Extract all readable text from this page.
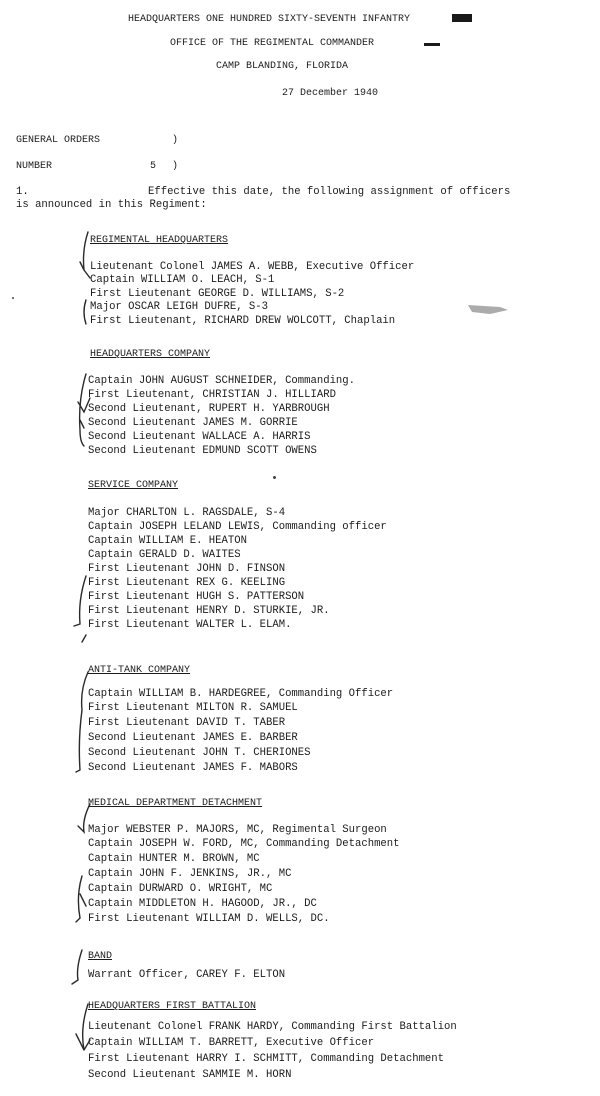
HEADQUARTERS ONE HUNDRED SIXTY-SEVENTH INFANTRY
OFFICE OF THE REGIMENTAL COMMANDER
CAMP BLANDING, FLORIDA
27 December 1940
GENERAL ORDERS	)
NUMBER	5 )
1.	Effective this date, the following assignment of officers
is announced in this Regiment:
REGIMENTAL HEADQUARTERS
Lieutenant Colonel JAMES A. WEBB, Executive Officer
Captain WILLIAM O. LEACH, S-1
First Lieutenant GEORGE D. WILLIAMS, S-2
Major OSCAR LEIGH DUFRE, S-3
First Lieutenant, RICHARD DREW WOLCOTT, Chaplain
HEADQUARTERS COMPANY
Captain JOHN AUGUST SCHNEIDER, Commanding.
First Lieutenant, CHRISTIAN J. HILLIARD
Second Lieutenant, RUPERT H. YARBROUGH
Second Lieutenant JAMES M. GORRIE
Second Lieutenant WALLACE A. HARRIS
Second Lieutenant EDMUND SCOTT OWENS
SERVICE COMPANY
Major CHARLTON L. RAGSDALE, S-4
Captain JOSEPH LELAND LEWIS, Commanding officer
Captain WILLIAM E. HEATON
Captain GERALD D. WAITES
First Lieutenant JOHN D. FINSON
First Lieutenant REX G. KEELING
First Lieutenant HUGH S. PATTERSON
First Lieutenant HENRY D. STURKIE, JR.
First Lieutenant WALTER L. ELAM.
ANTI-TANK COMPANY
Captain WILLIAM B. HARDEGREE, Commanding Officer
First Lieutenant MILTON R. SAMUEL
First Lieutenant DAVID T. TABER
Second Lieutenant JAMES E. BARBER
Second Lieutenant JOHN T. CHERIONES
Second Lieutenant JAMES F. MABORS
MEDICAL DEPARTMENT DETACHMENT
Major WEBSTER P. MAJORS, MC, Regimental Surgeon
Captain JOSEPH W. FORD, MC, Commanding Detachment
Captain HUNTER M. BROWN, MC
Captain JOHN F. JENKINS, JR., MC
Captain DURWARD O. WRIGHT, MC
Captain MIDDLETON H. HAGOOD, JR., DC
First Lieutenant WILLIAM D. WELLS, DC.
BAND
Warrant Officer, CAREY F. ELTON
HEADQUARTERS FIRST BATTALION
Lieutenant Colonel FRANK HARDY, Commanding First Battalion
Captain WILLIAM T. BARRETT, Executive Officer
First Lieutenant HARRY I. SCHMITT, Commanding Detachment
Second Lieutenant SAMMIE M. HORN
